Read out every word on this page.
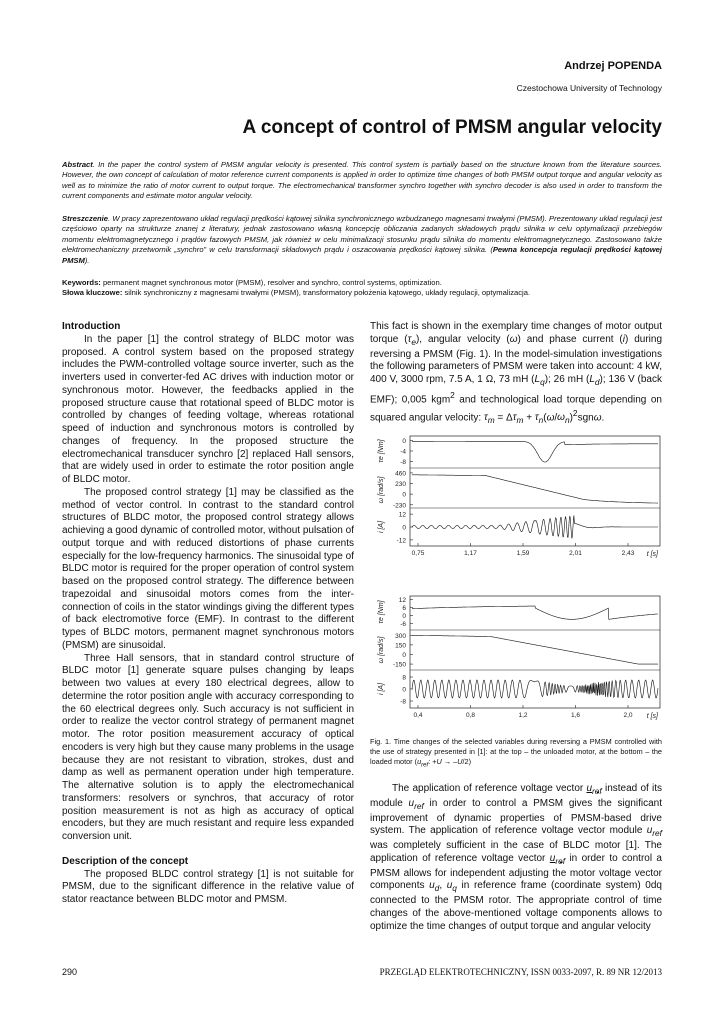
Andrzej POPENDA
Czestochowa University of Technology
A concept of control of PMSM angular velocity
Abstract. In the paper the control system of PMSM angular velocity is presented. This control system is partially based on the structure known from the literature sources. However, the own concept of calculation of motor reference current components is applied in order to optimize time changes of both PMSM output torque and angular velocity as well as to minimize the ratio of motor current to output torque. The electromechanical transformer synchro together with synchro decoder is also used in order to transform the current components and estimate motor angular velocity.
Streszczenie. W pracy zaprezentowano układ regulacji prędkości kątowej silnika synchronicznego wzbudzanego magnesami trwałymi (PMSM). Prezentowany układ regulacji jest częściowo oparty na strukturze znanej z literatury, jednak zastosowano własną koncepcję obliczania zadanych składowych prądu silnika w celu optymalizacji przebiegów momentu elektromagnetycznego i prądów fazowych PMSM, jak również w celu minimalizacji stosunku prądu silnika do momentu elektromagnetycznego. Zastosowano także elektromechaniczny przetwornik „synchro” w celu transformacji składowych prądu i oszacowania prędkości kątowej silnika. (Pewna koncepcja regulacji prędkości kątowej PMSM).
Keywords: permanent magnet synchronous motor (PMSM), resolver and synchro, control systems, optimization.
Słowa kluczowe: silnik synchroniczny z magnesami trwałymi (PMSM), transformatory położenia kątowego, układy regulacji, optymalizacja.

Introduction

In the paper [1] the control strategy of BLDC motor was proposed. A control system based on the proposed strategy includes the PWM-controlled voltage source inverter, such as the inverters used in converter-fed AC drives with induction motor or synchronous motor. However, the feedbacks applied in the proposed structure cause that rotational speed of BLDC motor is controlled by changes of feeding voltage, whereas rotational speed of induction and synchronous motors is controlled by changes of frequency. In the proposed structure the electromechanical transducer synchro [2] replaced Hall sensors, that are widely used in order to estimate the rotor position angle of BLDC motor.

The proposed control strategy [1] may be classified as the method of vector control. In contrast to the standard control structures of BLDC motor, the proposed control strategy allows achieving a good dynamic of controlled motor, without pulsation of output torque and with reduced distortions of phase currents especially for the low-frequency harmonics. The sinusoidal type of BLDC motor is required for the proper operation of control system based on the proposed control strategy. The difference between trapezoidal and sinusoidal motors comes from the inter-connection of coils in the stator windings giving the different types of back electromotive force (EMF). In contrast to the different types of BLDC motors, permanent magnet synchronous motors (PMSM) are sinusoidal.

Three Hall sensors, that in standard control structure of BLDC motor [1] generate square pulses changing by leaps between two values at every 180 electrical degrees, allow to determine the rotor position angle with accuracy corresponding to the 60 electrical degrees only. Such accuracy is not sufficient in order to realize the vector control strategy of permanent magnet motor. The rotor position measurement accuracy of optical encoders is very high but they cause many problems in the usage because they are not resistant to vibration, strokes, dust and damp as well as permanent operation under high temperature. The alternative solution is to apply the electromechanical transformers: resolvers or synchros, that accuracy of rotor position measurement is not as high as accuracy of optical encoders, but they are much resistant and require less expanded conversion unit.

Description of the concept

The proposed BLDC control strategy [1] is not suitable for PMSM, due to the significant difference in the relative value of stator reactance between BLDC motor and PMSM.

This fact is shown in the exemplary time changes of motor output torque $(\tau_e)$, angular velocity (ω) and phase current (i) during reversing a PMSM (Fig. 1). In the model-simulation investigations the following parameters of PMSM were taken into account: 4 kW, 400 V, 3000 rpm, 7.5 A, 1 Ω, 73 mH $(L_q)$; 26 mH $(L_d)$; 136 V (back EMF); 0,005 kgm$^2$ and technological load torque depending on squared angular velocity: $\tau_m = \Delta\tau_m + \tau_n(\omega/\omega_n)^2sgn\omega$.

0
-4
-8
τe [Nm]
460
230
0
-230
ω [rad/s]
12
0
-12
i [A]
0,75	1,17	1,59	2,01	2,43 t [s]
12
6
0
-6
τe [Nm]
300
150
0
-150
ω [rad/s]
8
0
-8
i [A]
0,4	0,8	1,2	1,6	2,0 t [s]
Fig. 1. Time changes of the selected variables during reversing a PMSM controlled with the use of strategy presented in [1]: at the top – the unloaded motor, at the bottom – the loaded motor ($u_{ref}$: +U → –U/2)

The application of reference voltage vector $u_{ref}$ instead of its module $u_{ref}$ in order to control a PMSM gives the significant improvement of dynamic properties of PMSM-based drive system. The application of reference voltage vector module $u_{ref}$ was completely sufficient in the case of BLDC motor [1]. The application of reference voltage vector $u_{ref}$ in order to control a PMSM allows for independent adjusting the motor voltage vector components $u_d$, $u_q$ in reference frame (coordinate system) 0dq connected to the PMSM rotor. The appropriate control of time changes of the above-mentioned voltage components allows to optimize the time changes of output torque and angular velocity

290	PRZEGLĄD ELEKTROTECHNICZNY, ISSN 0033-2097, R. 89 NR 12/2013
